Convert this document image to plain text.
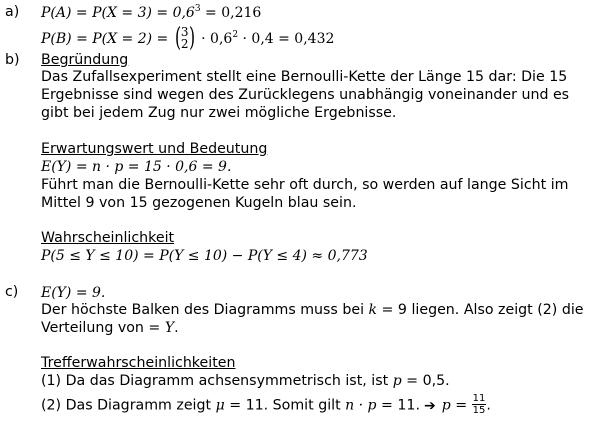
a) $P(A) = P(X = 3) = 0,6^3 = 0,216$
P(B) = P(X = 2) = ( 3
2 ) · $0,6^2 \cdot 0,4 = 0,432$
b) Begründung
Das Zufallsexperiment stellt eine Bernoulli-Kette der Länge 15 dar: Die 15
Ergebnisse sind wegen des Zurücklegens unabhängig voneinander und es
gibt bei jedem Zug nur zwei mögliche Ergebnisse.
Erwartungswert und Bedeutung
E(Y) = n · p = 15 · 0,6 = 9.
Führt man die Bernoulli-Kette sehr oft durch, so werden auf lange Sicht im
Mittel 9 von 15 gezogenen Kugeln blau sein.
Wahrscheinlichkeit
P(5 ≤ Y ≤ 10) = P(Y ≤ 10) − P(Y ≤ 4) ≈ 0,773
c) E(Y) = 9.
Der höchste Balken des Diagramms muss bei k = 9 liegen. Also zeigt (2) die
Verteilung von = Y.
Trefferwahrscheinlichkeiten
(1) Da das Diagramm achsensymmetrisch ist, ist p = 0,5.
(2) Das Diagramm zeigt μ = 11. Somit gilt n · p = 11. ➔ $p = \frac{11}{15}$ .
